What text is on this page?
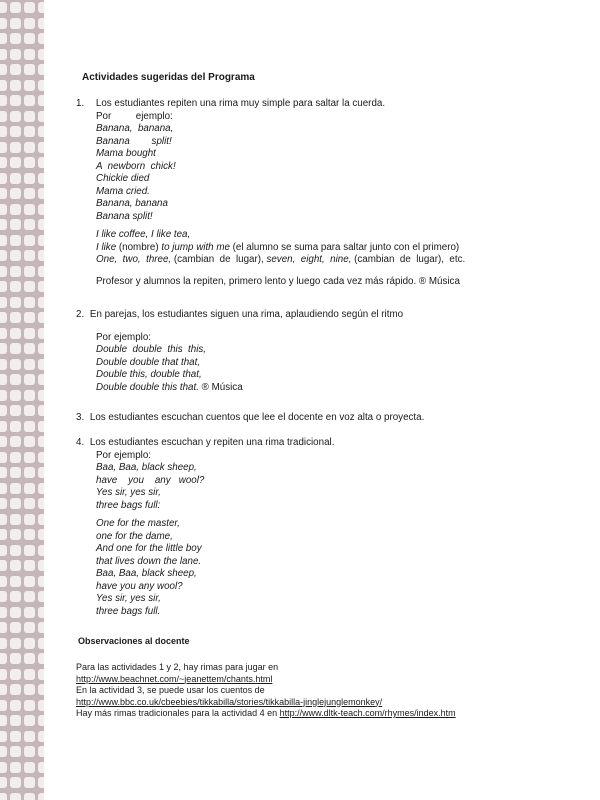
Actividades sugeridas del Programa
1. Los estudiantes repiten una rima muy simple para saltar la cuerda.
Por         ejemplo:
Banana,  banana,
Banana        split!
Mama bought
A  newborn  chick!
Chickie died
Mama cried.
Banana, banana
Banana split!
I like coffee, I like tea,
I like (nombre) to jump with me (el alumno se suma para saltar junto con el primero)
One,  two,  three, (cambian  de  lugar), seven,  eight,  nine, (cambian  de  lugar),  etc.
Profesor y alumnos la repiten, primero lento y luego cada vez más rápido. ® Música
2. En parejas, los estudiantes siguen una rima, aplaudiendo según el ritmo
Por ejemplo:
Double  double  this  this,
Double double that that,
Double this, double that,
Double double this that. ® Música
3. Los estudiantes escuchan cuentos que lee el docente en voz alta o proyecta.
4. Los estudiantes escuchan y repiten una rima tradicional.
Por ejemplo:
Baa, Baa, black sheep,
have    you    any   wool?
Yes sir, yes sir,
three bags full:
One for the master,
one for the dame,
And one for the little boy
that lives down the lane.
Baa, Baa, black sheep,
have you any wool?
Yes sir, yes sir,
three bags full.
Observaciones al docente
Para las actividades 1 y 2, hay rimas para jugar en
http://www.beachnet.com/~jeanettem/chants.html
En la actividad 3, se puede usar los cuentos de
http://www.bbc.co.uk/cbeebies/tikkabilla/stories/tikkabilla-jinglejunglemonkey/
Hay más rimas tradicionales para la actividad 4 en http://www.dltk-teach.com/rhymes/index.htm
